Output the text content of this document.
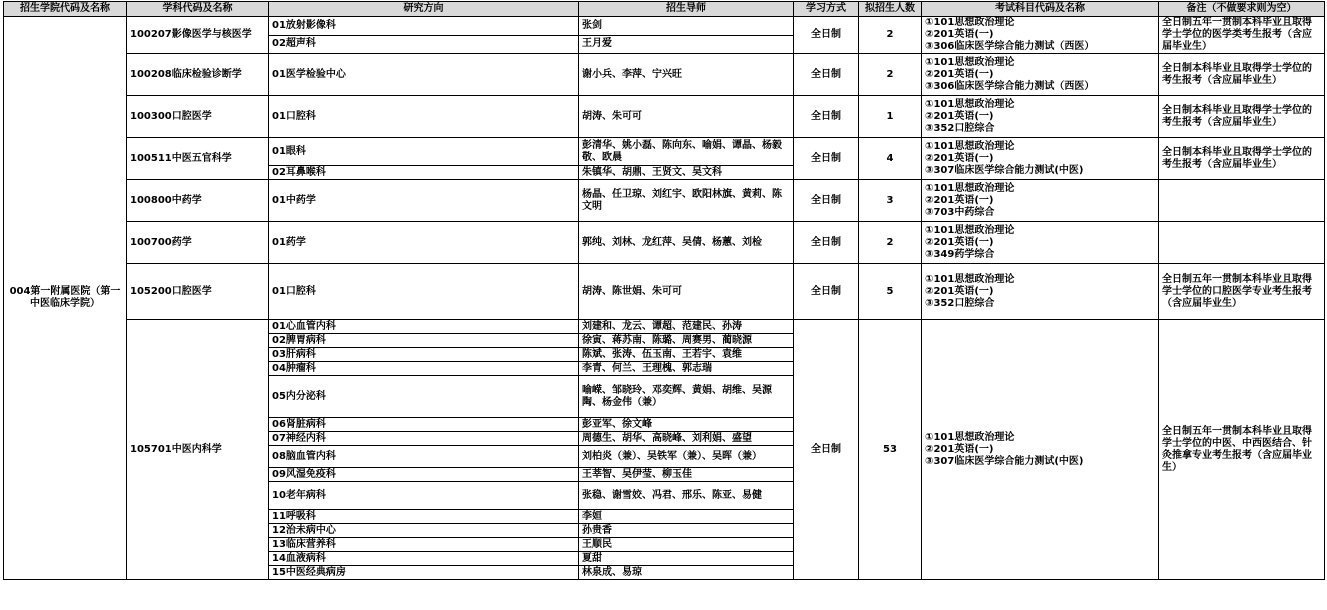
招生学院代码及名称	学科代码及名称	研究方向	招生导师	学习方式	拟招生人数	考试科目代码及名称	备注（不做要求则为空）
004第一附属医院（第一中医临床学院）	100207影像医学与核医学	01放射影像科	张剑	全日制	2	①101思想政治理论
②201英语(一)
③306临床医学综合能力测试（西医）	全日制五年一贯制本科毕业且取得学士学位的医学类考生报考（含应届毕业生）
		02超声科	王月爱				
	100208临床检验诊断学	01医学检验中心	谢小兵、李萍、宁兴旺	全日制	2	①101思想政治理论
②201英语(一)
③306临床医学综合能力测试（西医）	全日制本科毕业且取得学士学位的考生报考（含应届毕业生）
	100300口腔医学	01口腔科	胡涛、朱可可	全日制	1	①101思想政治理论
②201英语(一)
③352口腔综合	全日制本科毕业且取得学士学位的考生报考（含应届毕业生）
	100511中医五官科学	01眼科	彭清华、姚小磊、陈向东、喻娟、谭晶、杨毅敬、欧晨	全日制	4	①101思想政治理论
②201英语(一)
③307临床医学综合能力测试(中医)	全日制本科毕业且取得学士学位的考生报考（含应届毕业生）
		02耳鼻喉科	朱镇华、胡鼎、王贤文、吴文科				
	100800中药学	01中药学	杨晶、任卫琼、刘红宇、欧阳林旗、黄莉、陈文明	全日制	3	①101思想政治理论
②201英语(一)
③703中药综合	

	100700药学	01药学	郭纯、刘林、龙红萍、吴倩、杨蕙、刘检	全日制	2	①101思想政治理论
②201英语(一)
③349药学综合	

	105200口腔医学	01口腔科	胡涛、陈世娟、朱可可	全日制	5	①101思想政治理论
②201英语(一)
③352口腔综合	全日制五年一贯制本科毕业且取得学士学位的口腔医学专业考生报考（含应届毕业生）
	105701中医内科学	01心血管内科	刘建和、龙云、谭超、范建民、孙涛	全日制	53	①101思想政治理论
②201英语(一)
③307临床医学综合能力测试(中医)	全日制五年一贯制本科毕业且取得学士学位的中医、中西医结合、针灸推拿专业考生报考（含应届毕业生）
		02脾胃病科	徐寅、蒋苏南、陈璐、周赛男、蔺晓源				
		03肝病科	陈斌、张涛、伍玉南、王若宇、袁维				
		04肿瘤科	李青、何兰、王理槐、郭志瑞				
		05内分泌科	喻嵘、邹晓玲、邓奕辉、黄娟、胡维、吴源陶、杨金伟（兼）				
		06肾脏病科	彭亚军、徐文峰				
		07神经内科	周德生、胡华、高晓峰、刘利娟、盛望				
		08脑血管内科	刘柏炎（兼）、吴铁军（兼）、吴晖（兼）				
		09风湿免疫科	王莘智、吴伊莹、柳玉佳				
		10老年病科	张稳、谢雪姣、冯君、邢乐、陈亚、易健				
		11呼吸科	李姮				
		12治未病中心	孙贵香				
		13临床营养科	王顺民				
		14血液病科	夏甜				
		15中医经典病房	林泉成、易琼				
